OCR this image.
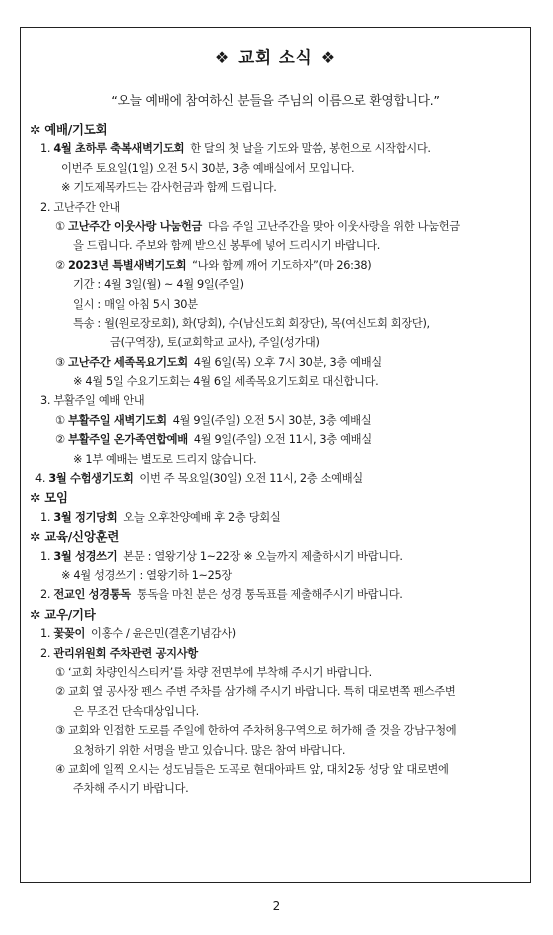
❖ 교회 소식 ❖
“오늘 예배에 참여하신 분들을 주님의 이름으로 환영합니다.”
✲ 예배/기도회
1. 4월 초하루 축복새벽기도회 한 달의 첫 날을 기도와 말씀, 봉헌으로 시작합시다.
이번주 토요일(1일) 오전 5시 30분, 3층 예배실에서 모입니다.
※ 기도제목카드는 감사헌금과 함께 드립니다.
2. 고난주간 안내
① 고난주간 이웃사랑 나눔헌금 다음 주일 고난주간을 맞아 이웃사랑을 위한 나눔헌금
을 드립니다. 주보와 함께 받으신 봉투에 넣어 드리시기 바랍니다.
② 2023년 특별새벽기도회 “나와 함께 깨어 기도하자”(마 26:38)
기간 : 4월 3일(월) ~ 4월 9일(주일)
일시 : 매일 아침 5시 30분
특송 : 월(원로장로회), 화(당회), 수(남신도회 회장단), 목(여신도회 회장단),
금(구역장), 토(교회학교 교사), 주일(성가대)
③ 고난주간 세족목요기도회 4월 6일(목) 오후 7시 30분, 3층 예배실
※ 4월 5일 수요기도회는 4월 6일 세족목요기도회로 대신합니다.
3. 부활주일 예배 안내
① 부활주일 새벽기도회 4월 9일(주일) 오전 5시 30분, 3층 예배실
② 부활주일 온가족연합예배 4월 9일(주일) 오전 11시, 3층 예배실
※ 1부 예배는 별도로 드리지 않습니다.
4. 3월 수험생기도회 이번 주 목요일(30일) 오전 11시, 2층 소예배실
✲ 모임
1. 3월 정기당회 오늘 오후찬양예배 후 2층 당회실
✲ 교육/신앙훈련
1. 3월 성경쓰기 본문 : 열왕기상 1~22장 ※ 오늘까지 제출하시기 바랍니다.
※ 4월 성경쓰기 : 열왕기하 1~25장
2. 전교인 성경통독 통독을 마친 분은 성경 통독표를 제출해주시기 바랍니다.
✲ 교우/기타
1. 꽃꽂이 이홍수 / 윤은민(결혼기념감사)
2. 관리위원회 주차관련 공지사항
① ‘교회 차량인식스티커’를 차량 전면부에 부착해 주시기 바랍니다.
② 교회 옆 공사장 펜스 주변 주차를 삼가해 주시기 바랍니다. 특히 대로변쪽 펜스주변
은 무조건 단속대상입니다.
③ 교회와 인접한 도로를 주일에 한하여 주차허용구역으로 허가해 줄 것을 강남구청에
요청하기 위한 서명을 받고 있습니다. 많은 참여 바랍니다.
④ 교회에 일찍 오시는 성도님들은 도곡로 현대아파트 앞, 대치2동 성당 앞 대로변에
주차해 주시기 바랍니다.
2
